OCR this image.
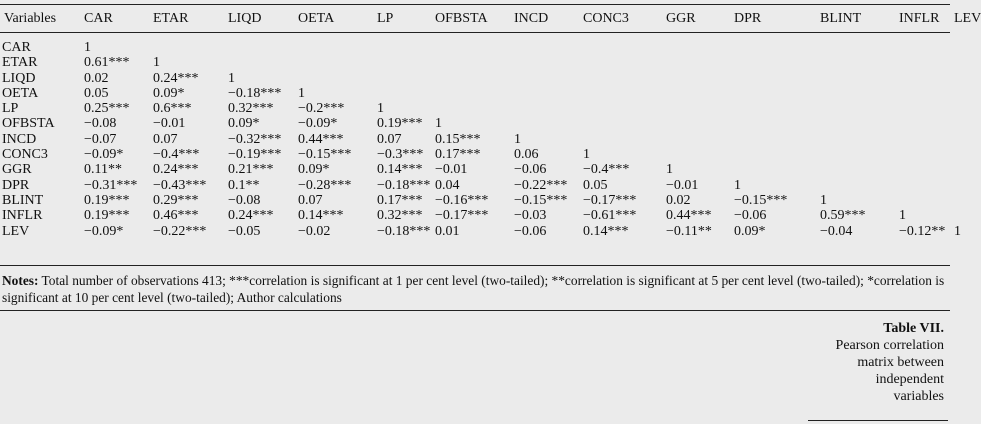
Variables	CAR	ETAR	LIQD	OETA	LP	OFBSTA	INCD	CONC3	GGR	DPR	BLINT	INFLR	LEV
CAR	1												
ETAR	0.61***	1											
LIQD	0.02	0.24***	1										
OETA	0.05	0.09*	−0.18***	1									
LP	0.25***	0.6***	0.32***	−0.2***	1								
OFBSTA	−0.08	−0.01	0.09*	−0.09*	0.19***	1							
INCD	−0.07	0.07	−0.32***	0.44***	0.07	0.15***	1						
CONC3	−0.09*	−0.4***	−0.19***	−0.15***	−0.3***	0.17***	0.06	1					
GGR	0.11**	0.24***	0.21***	0.09*	0.14***	−0.01	−0.06	−0.4***	1				
DPR	−0.31***	−0.43***	0.1**	−0.28***	−0.18***	0.04	−0.22***	0.05	−0.01	1			
BLINT	0.19***	0.29***	−0.08	0.07	0.17***	−0.16***	−0.15***	−0.17***	0.02	−0.15***	1		
INFLR	0.19***	0.46***	0.24***	0.14***	0.32***	−0.17***	−0.03	−0.61***	0.44***	−0.06	0.59***	1	
LEV	−0.09*	−0.22***	−0.05	−0.02	−0.18***	0.01	−0.06	0.14***	−0.11**	0.09*	−0.04	−0.12**	1
Notes: Total number of observations 413; ***correlation is significant at 1 per cent level (two-tailed); **correlation is significant at 5 per cent level (two-tailed); *correlation is significant at 10 per cent level (two-tailed); Author calculations
Table VII.
Pearson correlation
matrix between
independent
variables
